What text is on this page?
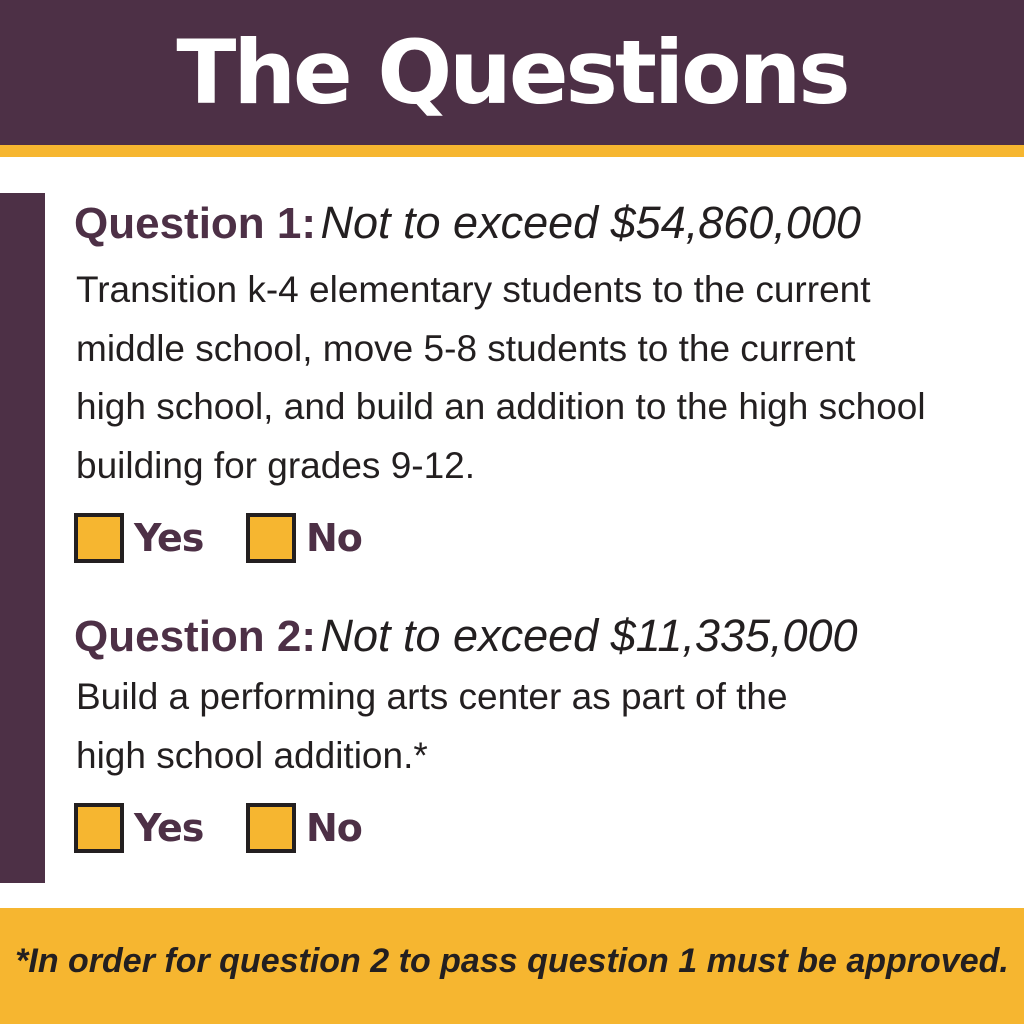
The Questions
Question 1: Not to exceed $54,860,000
Transition k-4 elementary students to the current
middle school, move 5-8 students to the current
high school, and build an addition to the high school
building for grades 9-12.
Yes	No
Question 2: Not to exceed $11,335,000
Build a performing arts center as part of the
high school addition.*
Yes	No
*In order for question 2 to pass question 1 must be approved.
